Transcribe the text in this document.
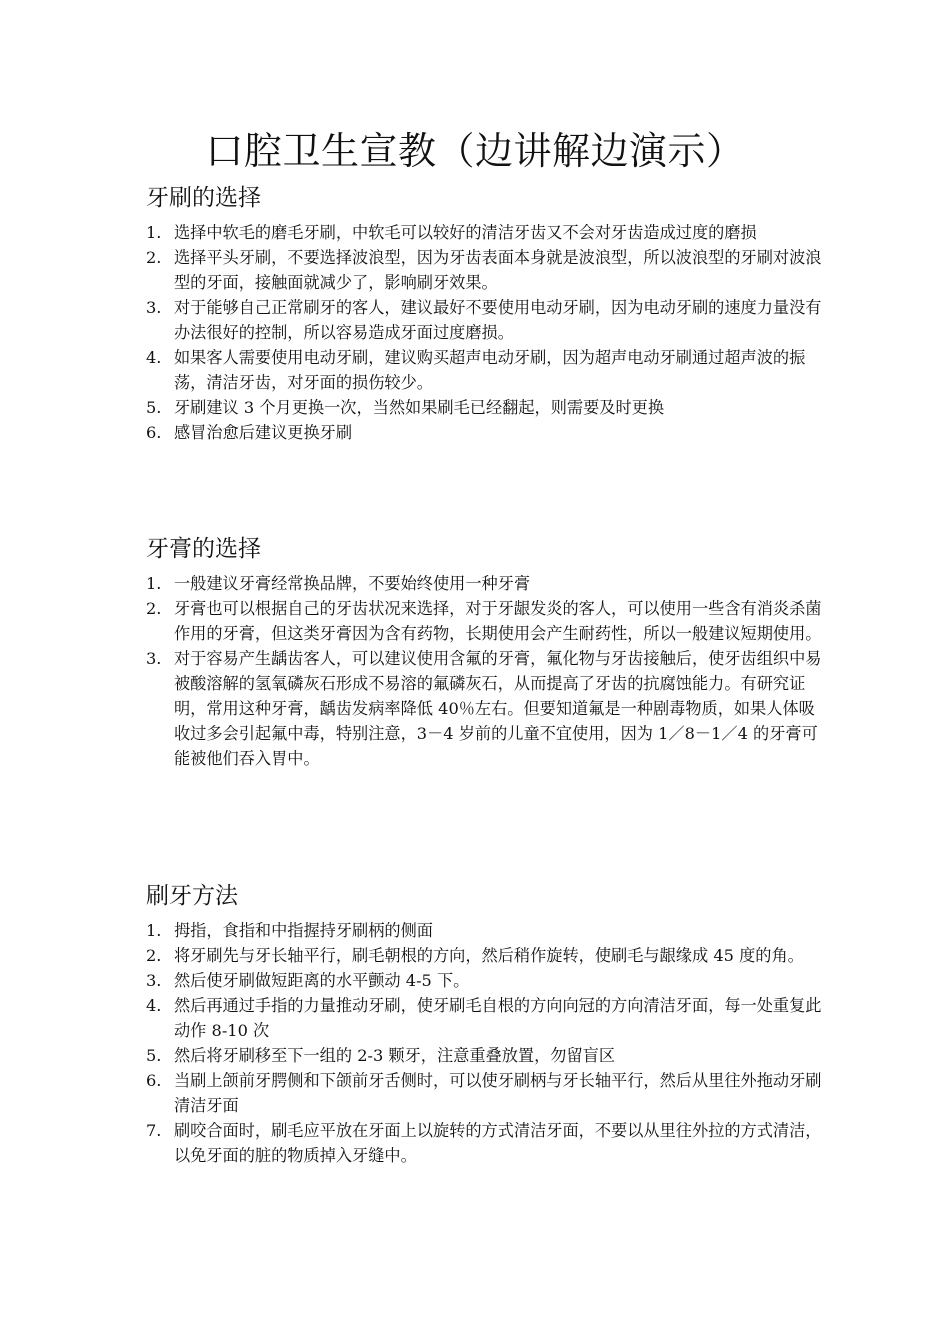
口腔卫生宣教（边讲解边演示）
牙刷的选择
1. 选择中软毛的磨毛牙刷，中软毛可以较好的清洁牙齿又不会对牙齿造成过度的磨损
2. 选择平头牙刷，不要选择波浪型，因为牙齿表面本身就是波浪型，所以波浪型的牙刷对波浪型的牙面，接触面就减少了，影响刷牙效果。
3. 对于能够自己正常刷牙的客人，建议最好不要使用电动牙刷，因为电动牙刷的速度力量没有办法很好的控制，所以容易造成牙面过度磨损。
4. 如果客人需要使用电动牙刷，建议购买超声电动牙刷，因为超声电动牙刷通过超声波的振荡，清洁牙齿，对牙面的损伤较少。
5. 牙刷建议 3 个月更换一次，当然如果刷毛已经翻起，则需要及时更换
6. 感冒治愈后建议更换牙刷
牙膏的选择
1. 一般建议牙膏经常换品牌，不要始终使用一种牙膏
2. 牙膏也可以根据自己的牙齿状况来选择，对于牙龈发炎的客人，可以使用一些含有消炎杀菌作用的牙膏，但这类牙膏因为含有药物，长期使用会产生耐药性，所以一般建议短期使用。
3. 对于容易产生龋齿客人，可以建议使用含氟的牙膏，氟化物与牙齿接触后，使牙齿组织中易被酸溶解的氢氧磷灰石形成不易溶的氟磷灰石，从而提高了牙齿的抗腐蚀能力。有研究证明，常用这种牙膏，龋齿发病率降低 40％左右。但要知道氟是一种剧毒物质，如果人体吸收过多会引起氟中毒，特别注意，3－4 岁前的儿童不宜使用，因为 1／8－1／4 的牙膏可能被他们吞入胃中。
刷牙方法
1. 拇指，食指和中指握持牙刷柄的侧面
2. 将牙刷先与牙长轴平行，刷毛朝根的方向，然后稍作旋转，使刷毛与龈缘成 45 度的角。
3. 然后使牙刷做短距离的水平颤动 4-5 下。
4. 然后再通过手指的力量推动牙刷，使牙刷毛自根的方向向冠的方向清洁牙面，每一处重复此动作 8-10 次
5. 然后将牙刷移至下一组的 2-3 颗牙，注意重叠放置，勿留盲区
6. 当刷上颌前牙腭侧和下颌前牙舌侧时，可以使牙刷柄与牙长轴平行，然后从里往外拖动牙刷清洁牙面
7. 刷咬合面时，刷毛应平放在牙面上以旋转的方式清洁牙面，不要以从里往外拉的方式清洁，以免牙面的脏的物质掉入牙缝中。
